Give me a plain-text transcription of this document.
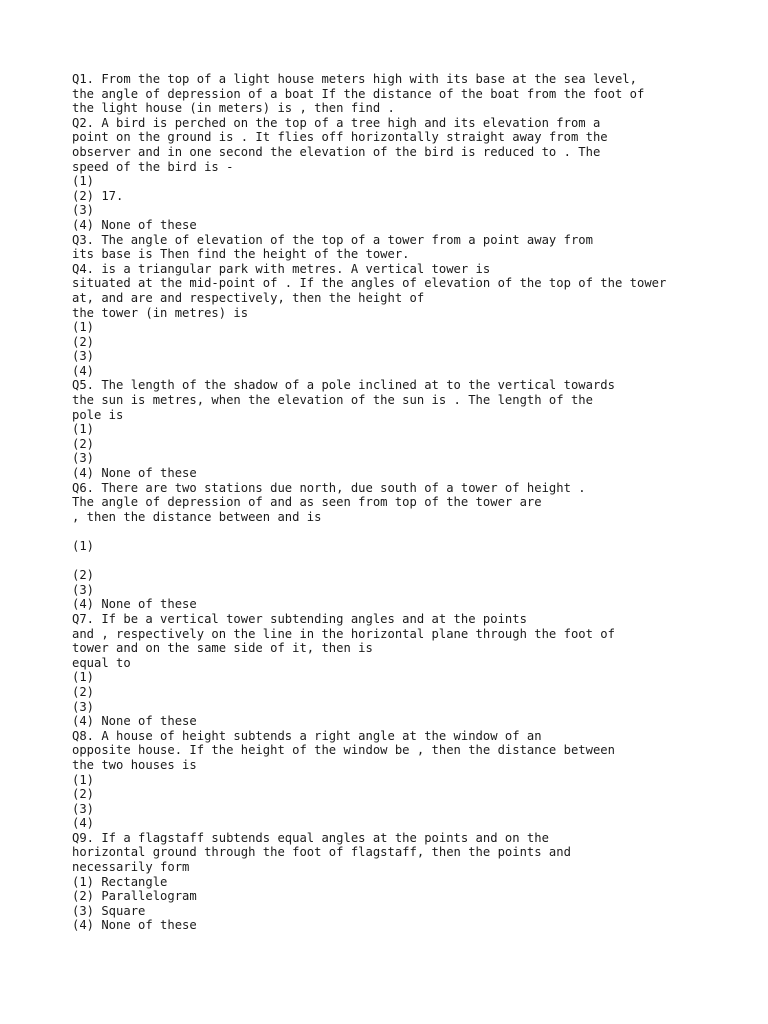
Q1. From the top of a light house meters high with its base at the sea level,
the angle of depression of a boat If the distance of the boat from the foot of
the light house (in meters) is , then find .
Q2. A bird is perched on the top of a tree high and its elevation from a
point on the ground is . It flies off horizontally straight away from the
observer and in one second the elevation of the bird is reduced to . The
speed of the bird is -
(1)
(2) 17.
(3)
(4) None of these
Q3. The angle of elevation of the top of a tower from a point away from
its base is Then find the height of the tower.
Q4. is a triangular park with metres. A vertical tower is
situated at the mid-point of . If the angles of elevation of the top of the tower
at, and are and respectively, then the height of
the tower (in metres) is
(1)
(2)
(3)
(4)
Q5. The length of the shadow of a pole inclined at to the vertical towards
the sun is metres, when the elevation of the sun is . The length of the
pole is
(1)
(2)
(3)
(4) None of these
Q6. There are two stations due north, due south of a tower of height .
The angle of depression of and as seen from top of the tower are
, then the distance between and is
(1)
(2)
(3)
(4) None of these
Q7. If be a vertical tower subtending angles and at the points
and , respectively on the line in the horizontal plane through the foot of
tower and on the same side of it, then is
equal to
(1)
(2)
(3)
(4) None of these
Q8. A house of height subtends a right angle at the window of an
opposite house. If the height of the window be , then the distance between
the two houses is
(1)
(2)
(3)
(4)
Q9. If a flagstaff subtends equal angles at the points and on the
horizontal ground through the foot of flagstaff, then the points and
necessarily form
(1) Rectangle
(2) Parallelogram
(3) Square
(4) None of these
